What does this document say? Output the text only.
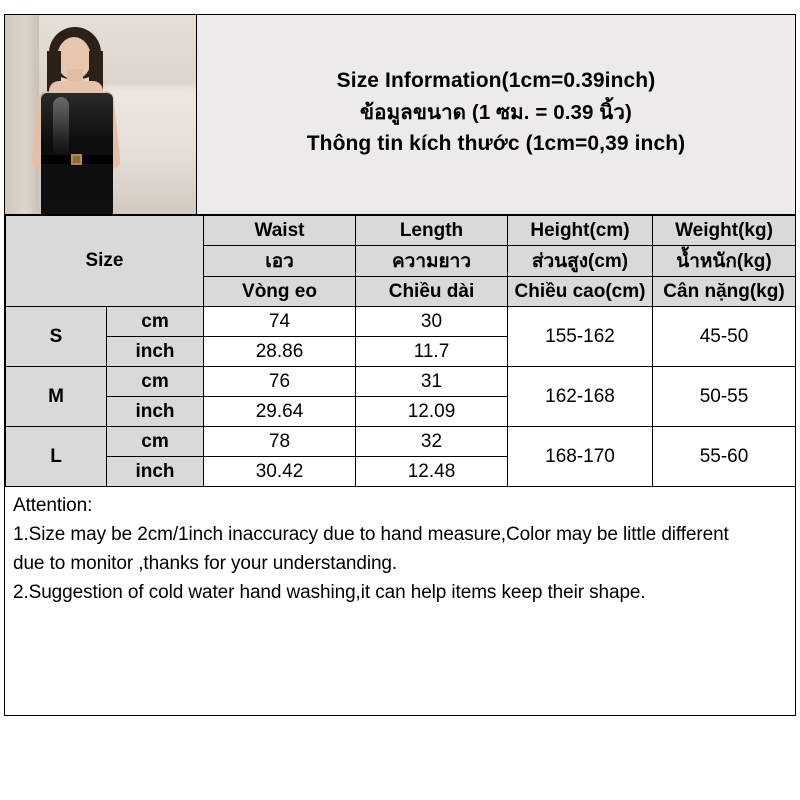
Size Information(1cm=0.39inch)
ข้อมูลขนาด (1 ซม. = 0.39 นิ้ว)
Thông tin kích thước (1cm=0,39 inch)
Size		Waist	Length	Height(cm)	Weight(kg)
		เอว	ความยาว	ส่วนสูง(cm)	น้ำหนัก(kg)
		Vòng eo	Chiều dài	Chiều cao(cm)	Cân nặng(kg)
S	cm	74	30	155-162	45-50
	inch	28.86	11.7		
M	cm	76	31	162-168	50-55
	inch	29.64	12.09		
L	cm	78	32	168-170	55-60
	inch	30.42	12.48		

Attention:

1.Size may be 2cm/1inch inaccuracy due to hand measure,Color may be little different

due to monitor ,thanks for your understanding.

2.Suggestion of cold water hand washing,it can help items keep their shape.
